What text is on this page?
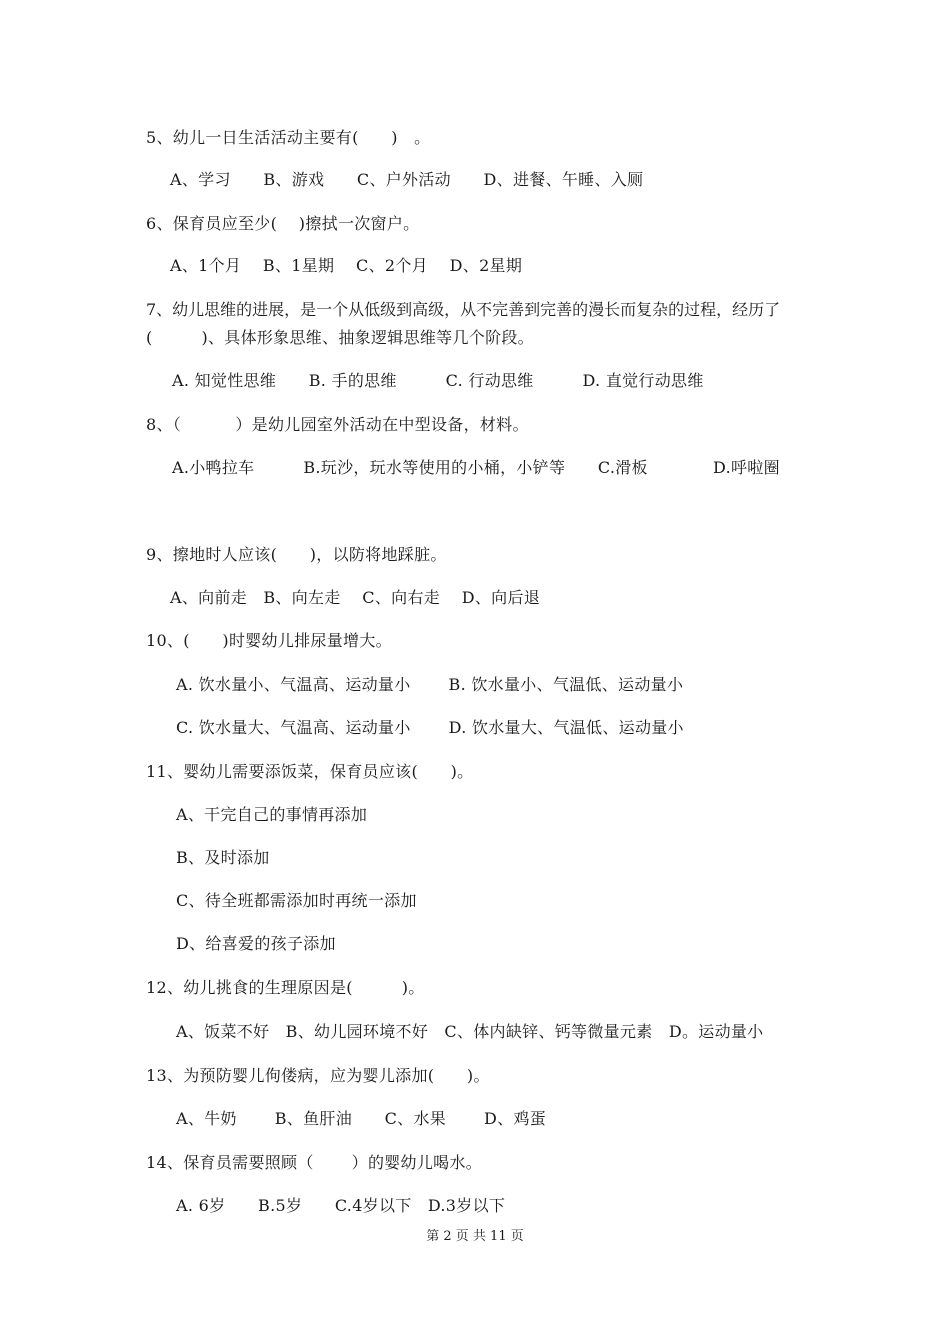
5、幼儿一日生活活动主要有(　　)　。
A、学习　　B、游戏　　C、户外活动　　D、进餐、午睡、入厕
6、保育员应至少(　 )擦拭一次窗户。
A、1个月　 B、1星期　 C、2个月　 D、2星期
7、幼儿思维的进展，是一个从低级到高级，从不完善到完善的漫长而复杂的过程，经历了
(　　　)、具体形象思维、抽象逻辑思维等几个阶段。
A. 知觉性思维　　B. 手的思维　　　C. 行动思维　　　D. 直觉行动思维
8、（　　　 ）是幼儿园室外活动在中型设备，材料。
A.小鸭拉车　　　B.玩沙，玩水等使用的小桶，小铲等　　C.滑板　　　　D.呼啦圈
9、擦地时人应该(　　)，以防将地踩脏。
A、向前走　B、向左走　 C、向右走　 D、向后退
10、(　　)时婴幼儿排尿量增大。
A. 饮水量小、气温高、运动量小　　 B. 饮水量小、气温低、运动量小
C. 饮水量大、气温高、运动量小　　 D. 饮水量大、气温低、运动量小
11、婴幼儿需要添饭菜，保育员应该(　　)。
A、干完自己的事情再添加
B、及时添加
C、待全班都需添加时再统一添加
D、给喜爱的孩子添加
12、幼儿挑食的生理原因是(　　　)。
A、饭菜不好　B、幼儿园环境不好　C、体内缺锌、钙等微量元素　D。运动量小
13、为预防婴儿佝偻病，应为婴儿添加(　　)。
A、牛奶　　 B、鱼肝油　　C、水果　　 D、鸡蛋
14、保育员需要照顾（　　 ）的婴幼儿喝水。
A. 6岁　　B.5岁　　C.4岁以下　D.3岁以下
第 2 页 共 11 页
